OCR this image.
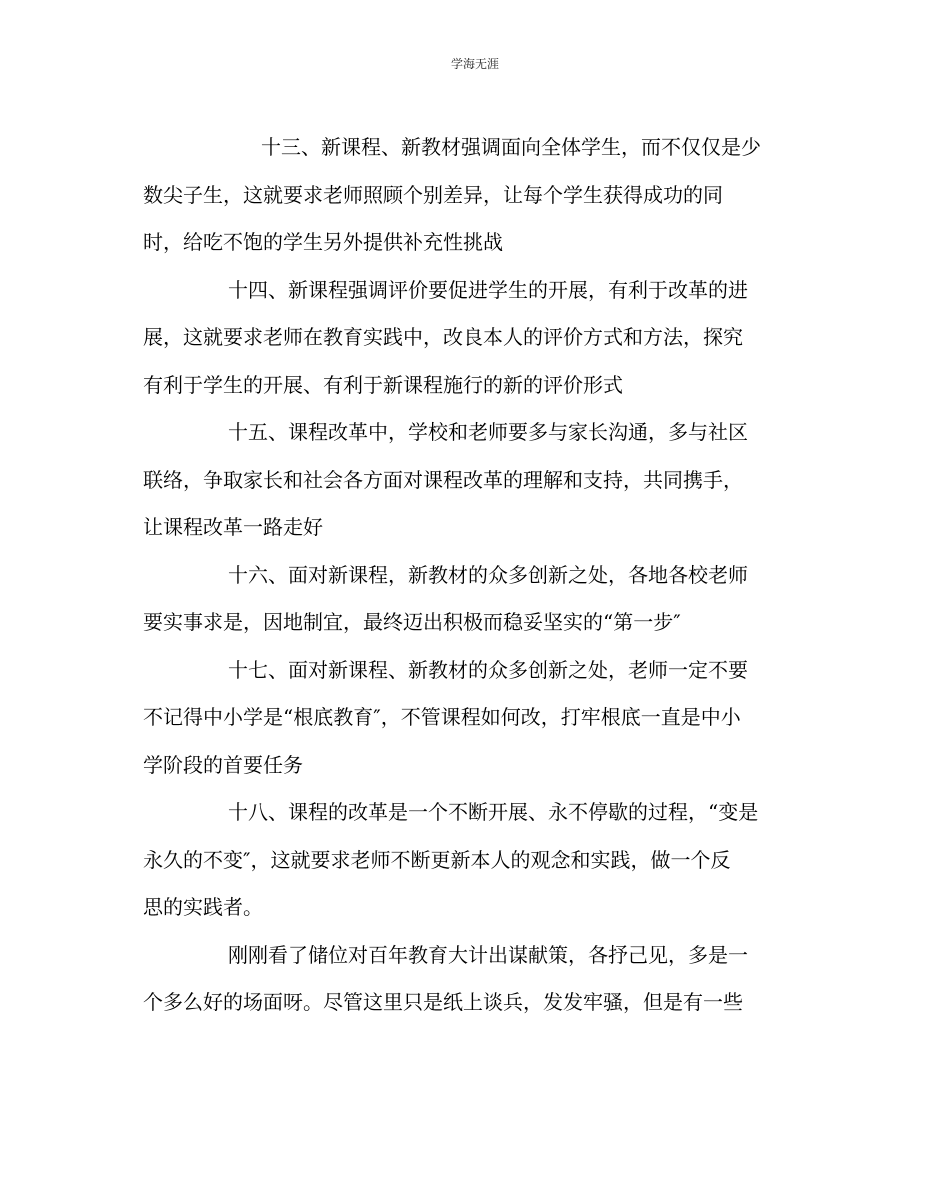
学海无涯

十三、新课程、新教材强调面向全体学生，而不仅仅是少
数尖子生，这就要求老师照顾个别差异，让每个学生获得成功的同
时，给吃不饱的学生另外提供补充性挑战

十四、新课程强调评价要促进学生的开展，有利于改革的进
展，这就要求老师在教育实践中，改良本人的评价方式和方法，探究
有利于学生的开展、有利于新课程施行的新的评价形式

十五、课程改革中，学校和老师要多与家长沟通，多与社区
联络，争取家长和社会各方面对课程改革的理解和支持，共同携手，
让课程改革一路走好

十六、面对新课程，新教材的众多创新之处，各地各校老师
要实事求是，因地制宜，最终迈出积极而稳妥坚实的“第一步″

十七、面对新课程、新教材的众多创新之处，老师一定不要
不记得中小学是“根底教育″，不管课程如何改，打牢根底一直是中小
学阶段的首要任务

十八、课程的改革是一个不断开展、永不停歇的过程，“变是
永久的不变″，这就要求老师不断更新本人的观念和实践，做一个反
思的实践者。

刚刚看了储位对百年教育大计出谋献策，各抒己见，多是一
个多么好的场面呀。尽管这里只是纸上谈兵，发发牢骚，但是有一些
